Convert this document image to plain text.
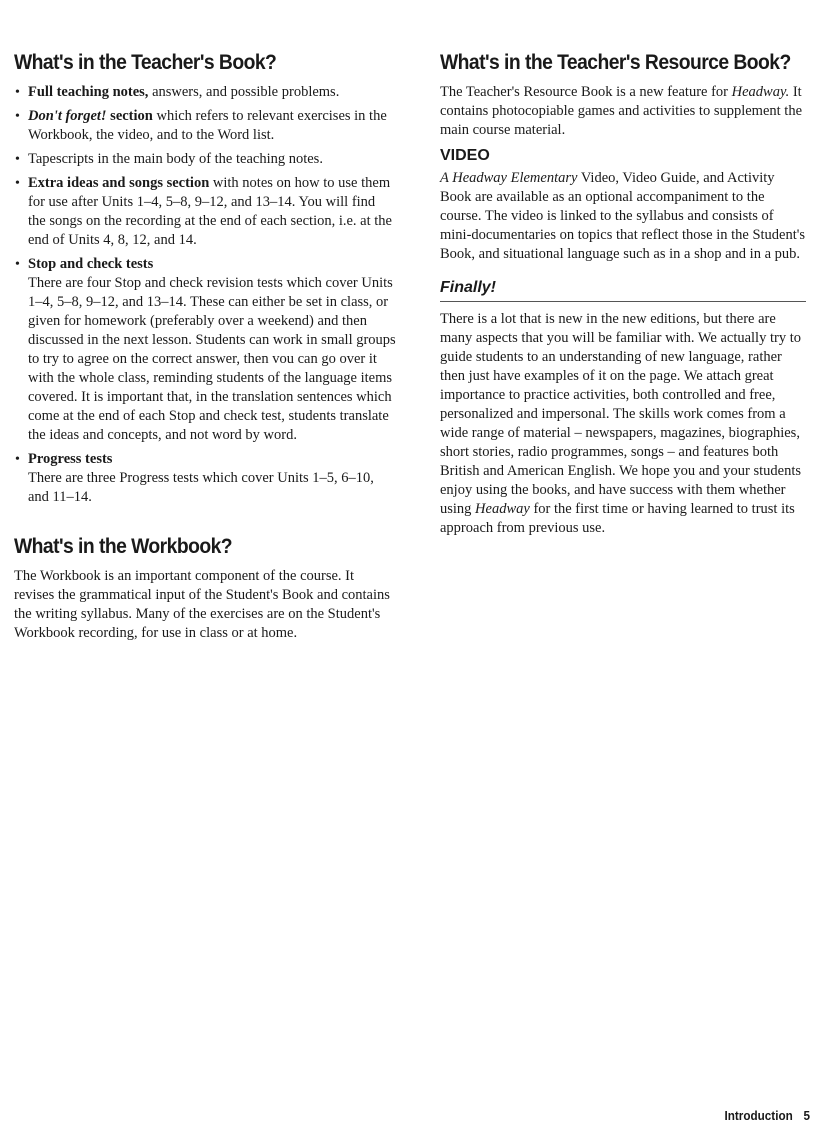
What's in the Teacher's Book?
• Full teaching notes, answers, and possible problems.
• Don't forget! section which refers to relevant exercises in the Workbook, the video, and to the Word list.
• Tapescripts in the main body of the teaching notes.
• Extra ideas and songs section with notes on how to use them for use after Units 1–4, 5–8, 9–12, and 13–14. You will find the songs on the recording at the end of each section, i.e. at the end of Units 4, 8, 12, and 14.
• Stop and check tests
There are four Stop and check revision tests which cover Units 1–4, 5–8, 9–12, and 13–14. These can either be set in class, or given for homework (preferably over a weekend) and then discussed in the next lesson. Students can work in small groups to try to agree on the correct answer, then vou can go over it with the whole class, reminding students of the language items covered. It is important that, in the translation sentences which come at the end of each Stop and check test, students translate the ideas and concepts, and not word by word.
• Progress tests
There are three Progress tests which cover Units 1–5, 6–10, and 11–14.
What's in the Workbook?

The Workbook is an important component of the course. It revises the grammatical input of the Student's Book and contains the writing syllabus. Many of the exercises are on the Student's Workbook recording, for use in class or at home.

What's in the Teacher's Resource Book?

The Teacher's Resource Book is a new feature for Headway. It contains photocopiable games and activities to supplement the main course material.

VIDEO

A Headway Elementary Video, Video Guide, and Activity Book are available as an optional accompaniment to the course. The video is linked to the syllabus and consists of mini-documentaries on topics that reflect those in the Student's Book, and situational language such as in a shop and in a pub.

Finally!

There is a lot that is new in the new editions, but there are many aspects that you will be familiar with. We actually try to guide students to an understanding of new language, rather then just have examples of it on the page. We attach great importance to practice activities, both controlled and free, personalized and impersonal. The skills work comes from a wide range of material – newspapers, magazines, biographies, short stories, radio programmes, songs – and features both British and American English. We hope you and your students enjoy using the books, and have success with them whether using Headway for the first time or having learned to trust its approach from previous use.

Introduction 5
